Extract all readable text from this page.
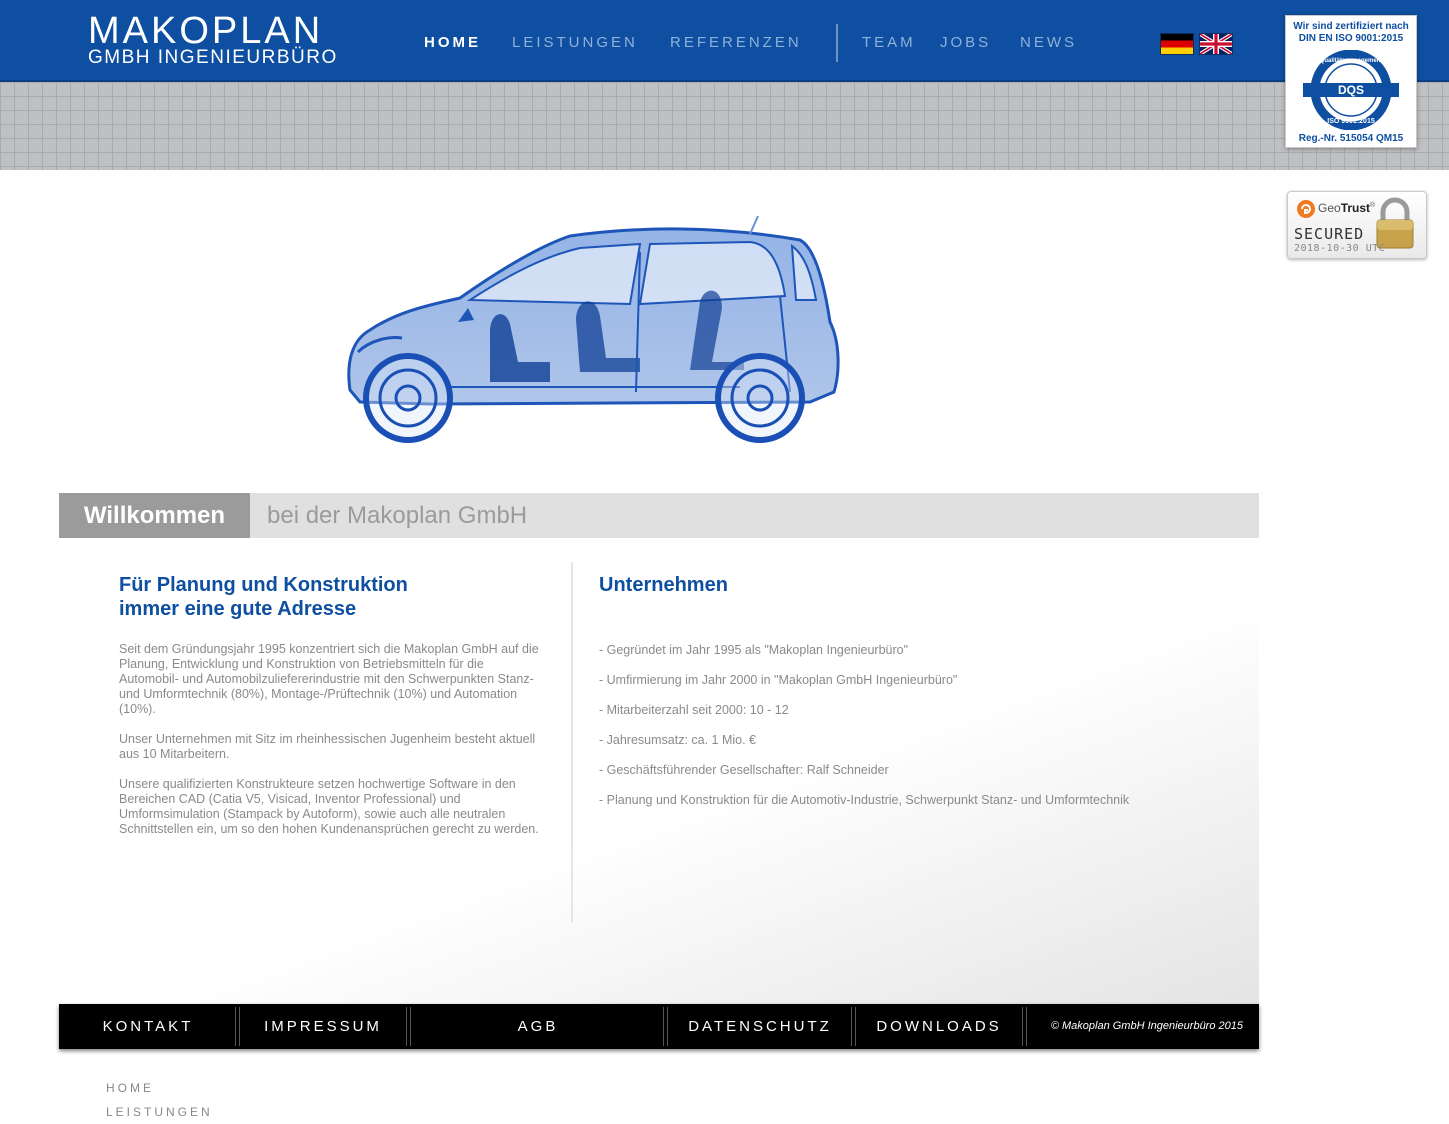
MAKOPLAN
GMBH INGENIEURBÜRO
HOME LEISTUNGEN REFERENZEN	TEAM JOBS NEWS
Wir sind zertifiziert nach
DIN EN ISO 9001:2015
DQS
Qualitätsmanagement
ISO 9001:2015
Reg.-Nr. 515054 QM15
GeoTrust®
SECURED
2018-10-30 UTC
Willkommen	bei der Makoplan GmbH
Für Planung und Konstruktion
immer eine gute Adresse

Seit dem Gründungsjahr 1995 konzentriert sich die Makoplan GmbH auf die Planung, Entwicklung und Konstruktion von Betriebsmitteln für die Automobil- und Automobilzuliefererindustrie mit den Schwerpunkten Stanz- und Umformtechnik (80%), Montage-/Prüftechnik (10%) und Automation (10%).

Unser Unternehmen mit Sitz im rheinhessischen Jugenheim besteht aktuell aus 10 Mitarbeitern.

Unsere qualifizierten Konstrukteure setzen hochwertige Software in den Bereichen CAD (Catia V5, Visicad, Inventor Professional) und Umformsimulation (Stampack by Autoform), sowie auch alle neutralen Schnittstellen ein, um so den hohen Kundenansprüchen gerecht zu werden.

Unternehmen
- Gegründet im Jahr 1995 als "Makoplan Ingenieurbüro"
- Umfirmierung im Jahr 2000 in "Makoplan GmbH Ingenieurbüro"
- Mitarbeiterzahl seit 2000: 10 - 12
- Jahresumsatz: ca. 1 Mio. €
- Geschäftsführender Gesellschafter: Ralf Schneider
- Planung und Konstruktion für die Automotiv-Industrie, Schwerpunkt Stanz- und Umformtechnik
KONTAKT	IMPRESSUM	AGB	DATENSCHUTZ	DOWNLOADS	© Makoplan GmbH Ingenieurbüro 2015
HOME
LEISTUNGEN
